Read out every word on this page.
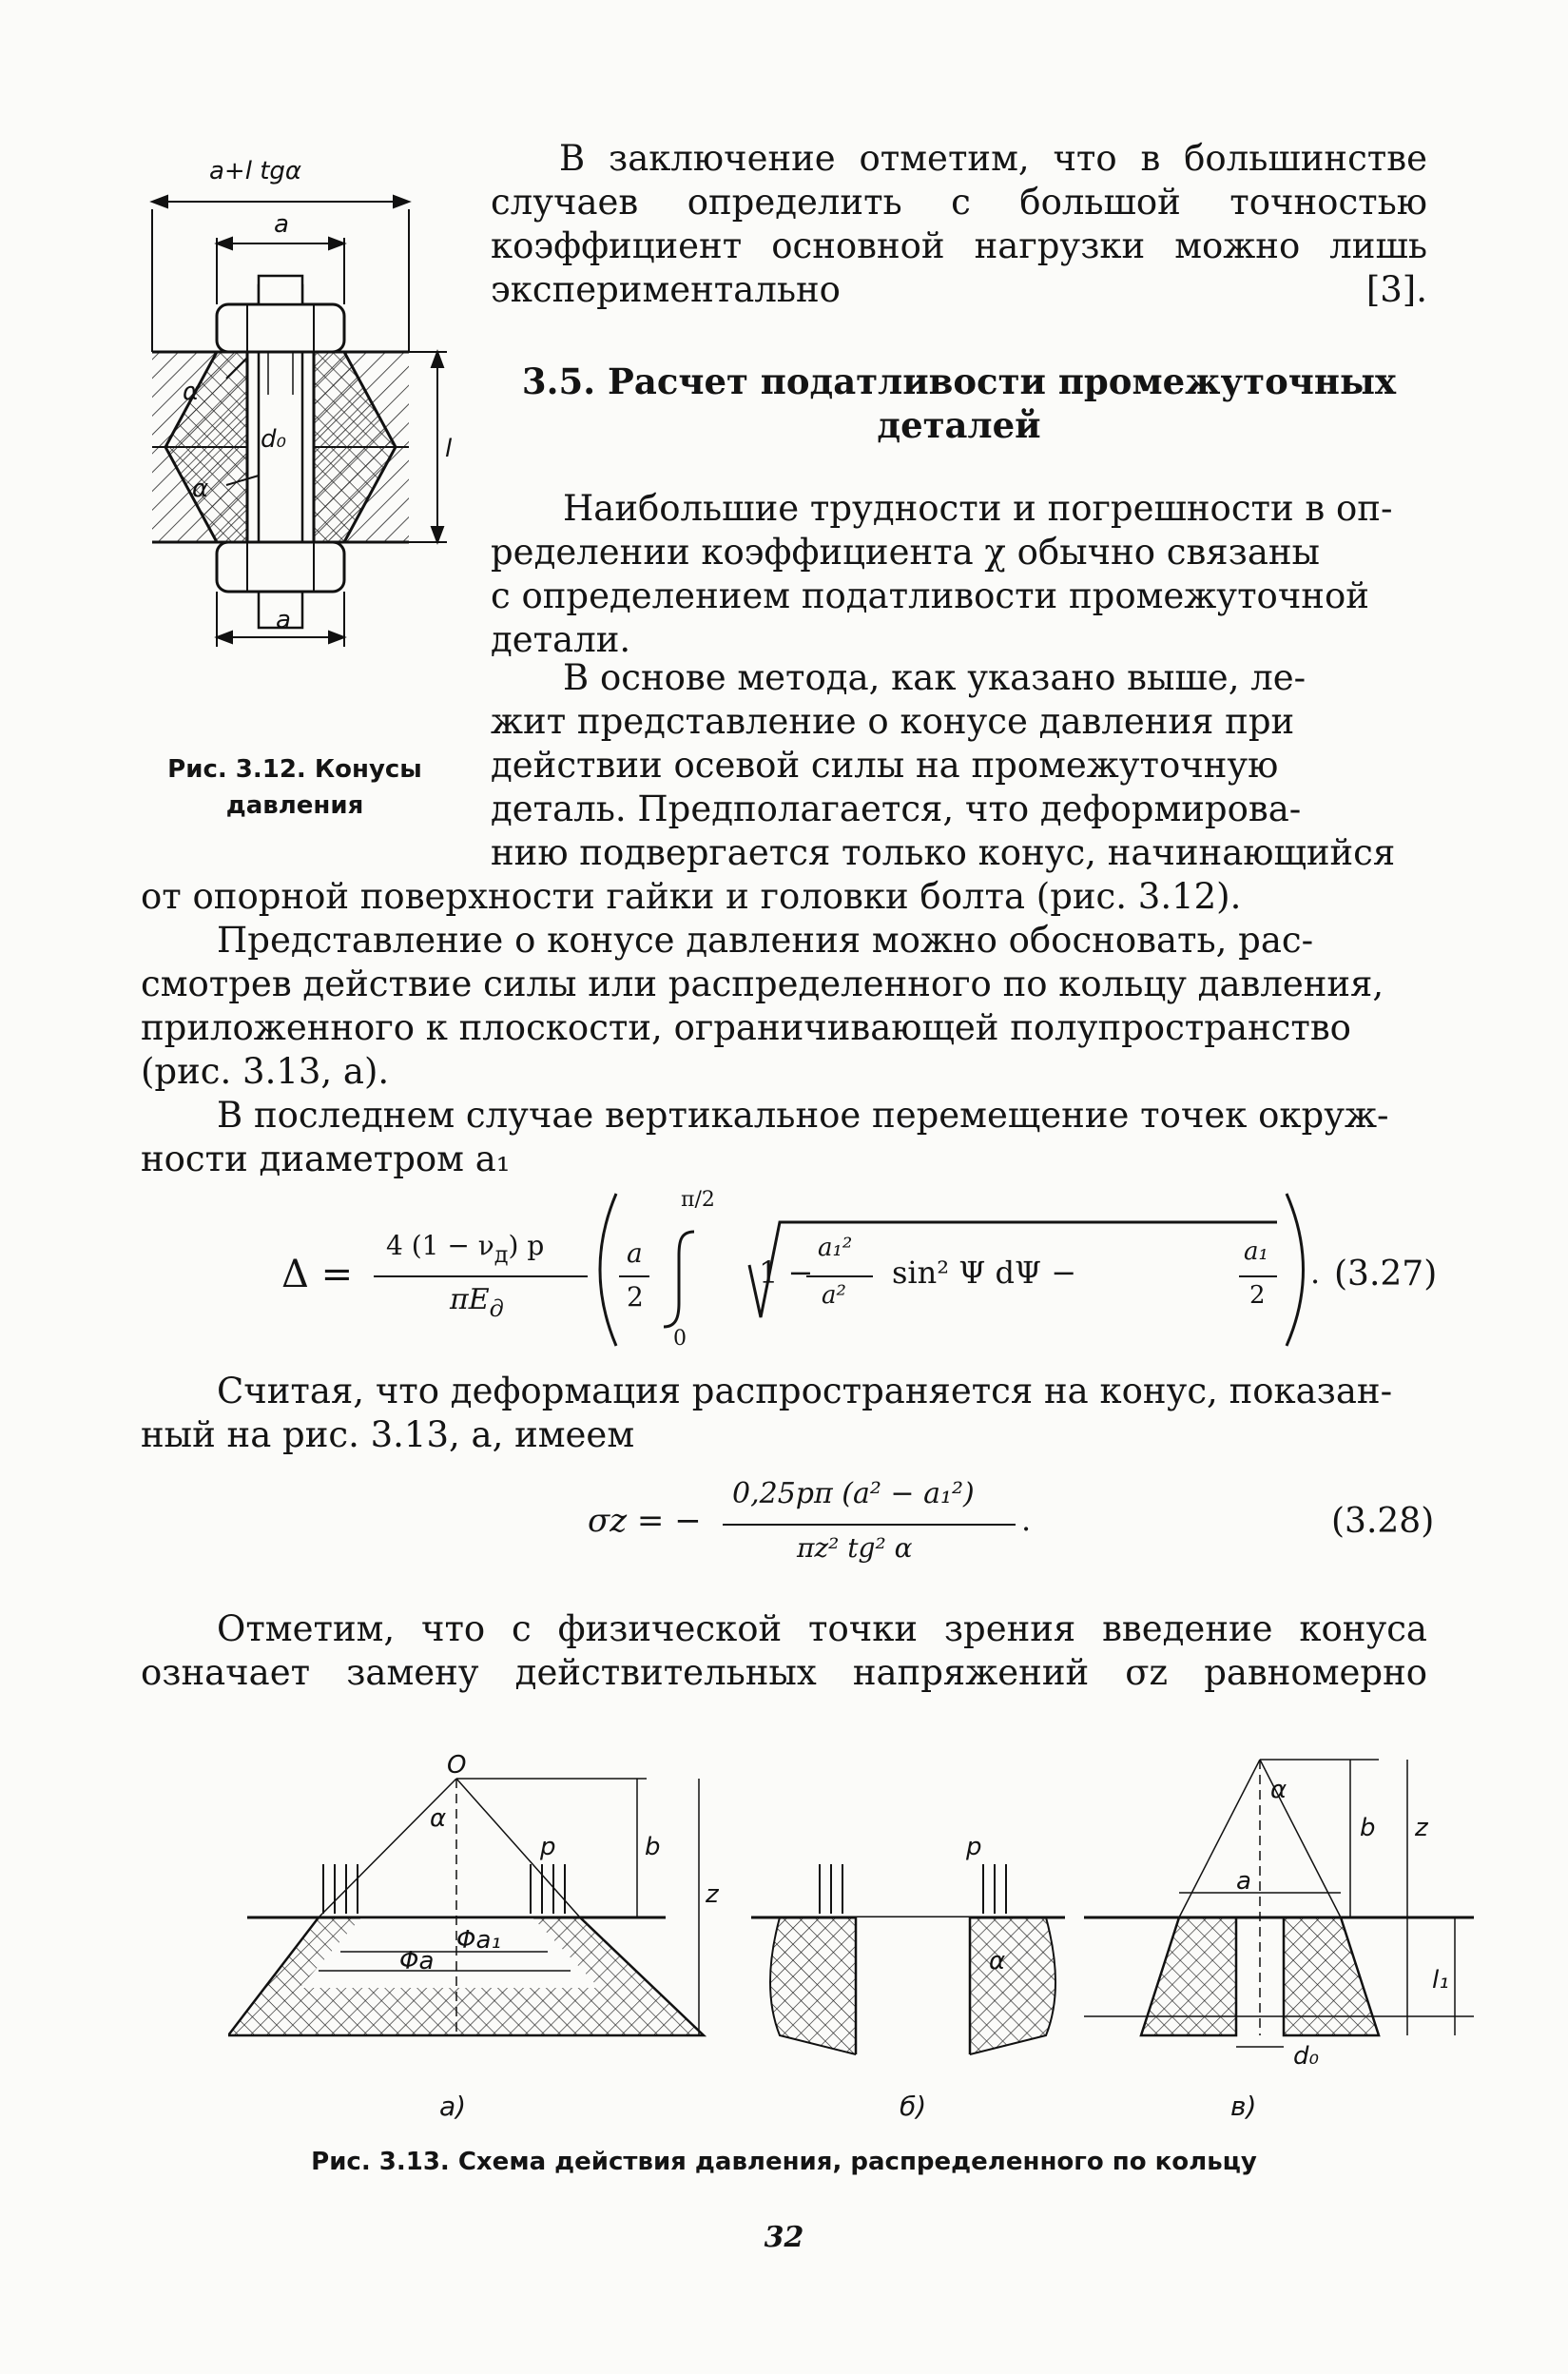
В заключение отметим, что в большинстве
случаев определить с большой точностью
коэффициент основной нагрузки можно лишь
экспериментально [3].
3.5. Расчет податливости промежуточных
деталей
Наибольшие трудности и погрешности в оп-
ределении коэффициента χ обычно связаны
с определением податливости промежуточной
детали.
В основе метода, как указано выше, ле-
жит представление о конусе давления при
действии осевой силы на промежуточную
деталь. Предполагается, что деформирова-
нию подвергается только конус, начинающийся
от опорной поверхности гайки и головки болта (рис. 3.12).
Представление о конусе давления можно обосновать, рас-
смотрев действие силы или распределенного по кольцу давления,
приложенного к плоскости, ограничивающей полупространство
(рис. 3.13, а).
В последнем случае вертикальное перемещение точек окруж-
ности диаметром a₁
Δ =
4 (1 − νд) p
$\pi E_д$
a
2
π/2
0
1 −
a₁²
a²
sin² Ψ dΨ −
a₁
2
. (3.27)
Считая, что деформация распространяется на конус, показан-
ный на рис. 3.13, а, имеем
σz = −
0,25pπ (a² − a₁²)
πz² tg² α
.	(3.28)
Отметим, что с физической точки зрения введение конуса
означает замену действительных напряжений σz равномерно
a+l tgα
a
α
d₀
α
l
a
Рис. 3.12. Конусы
давления
O
α
p	b
z
Φa₁
Φa
p
α
α
a
b z
l₁
d₀
а)	б)	в)
Рис. 3.13. Схема действия давления, распределенного по кольцу
32
